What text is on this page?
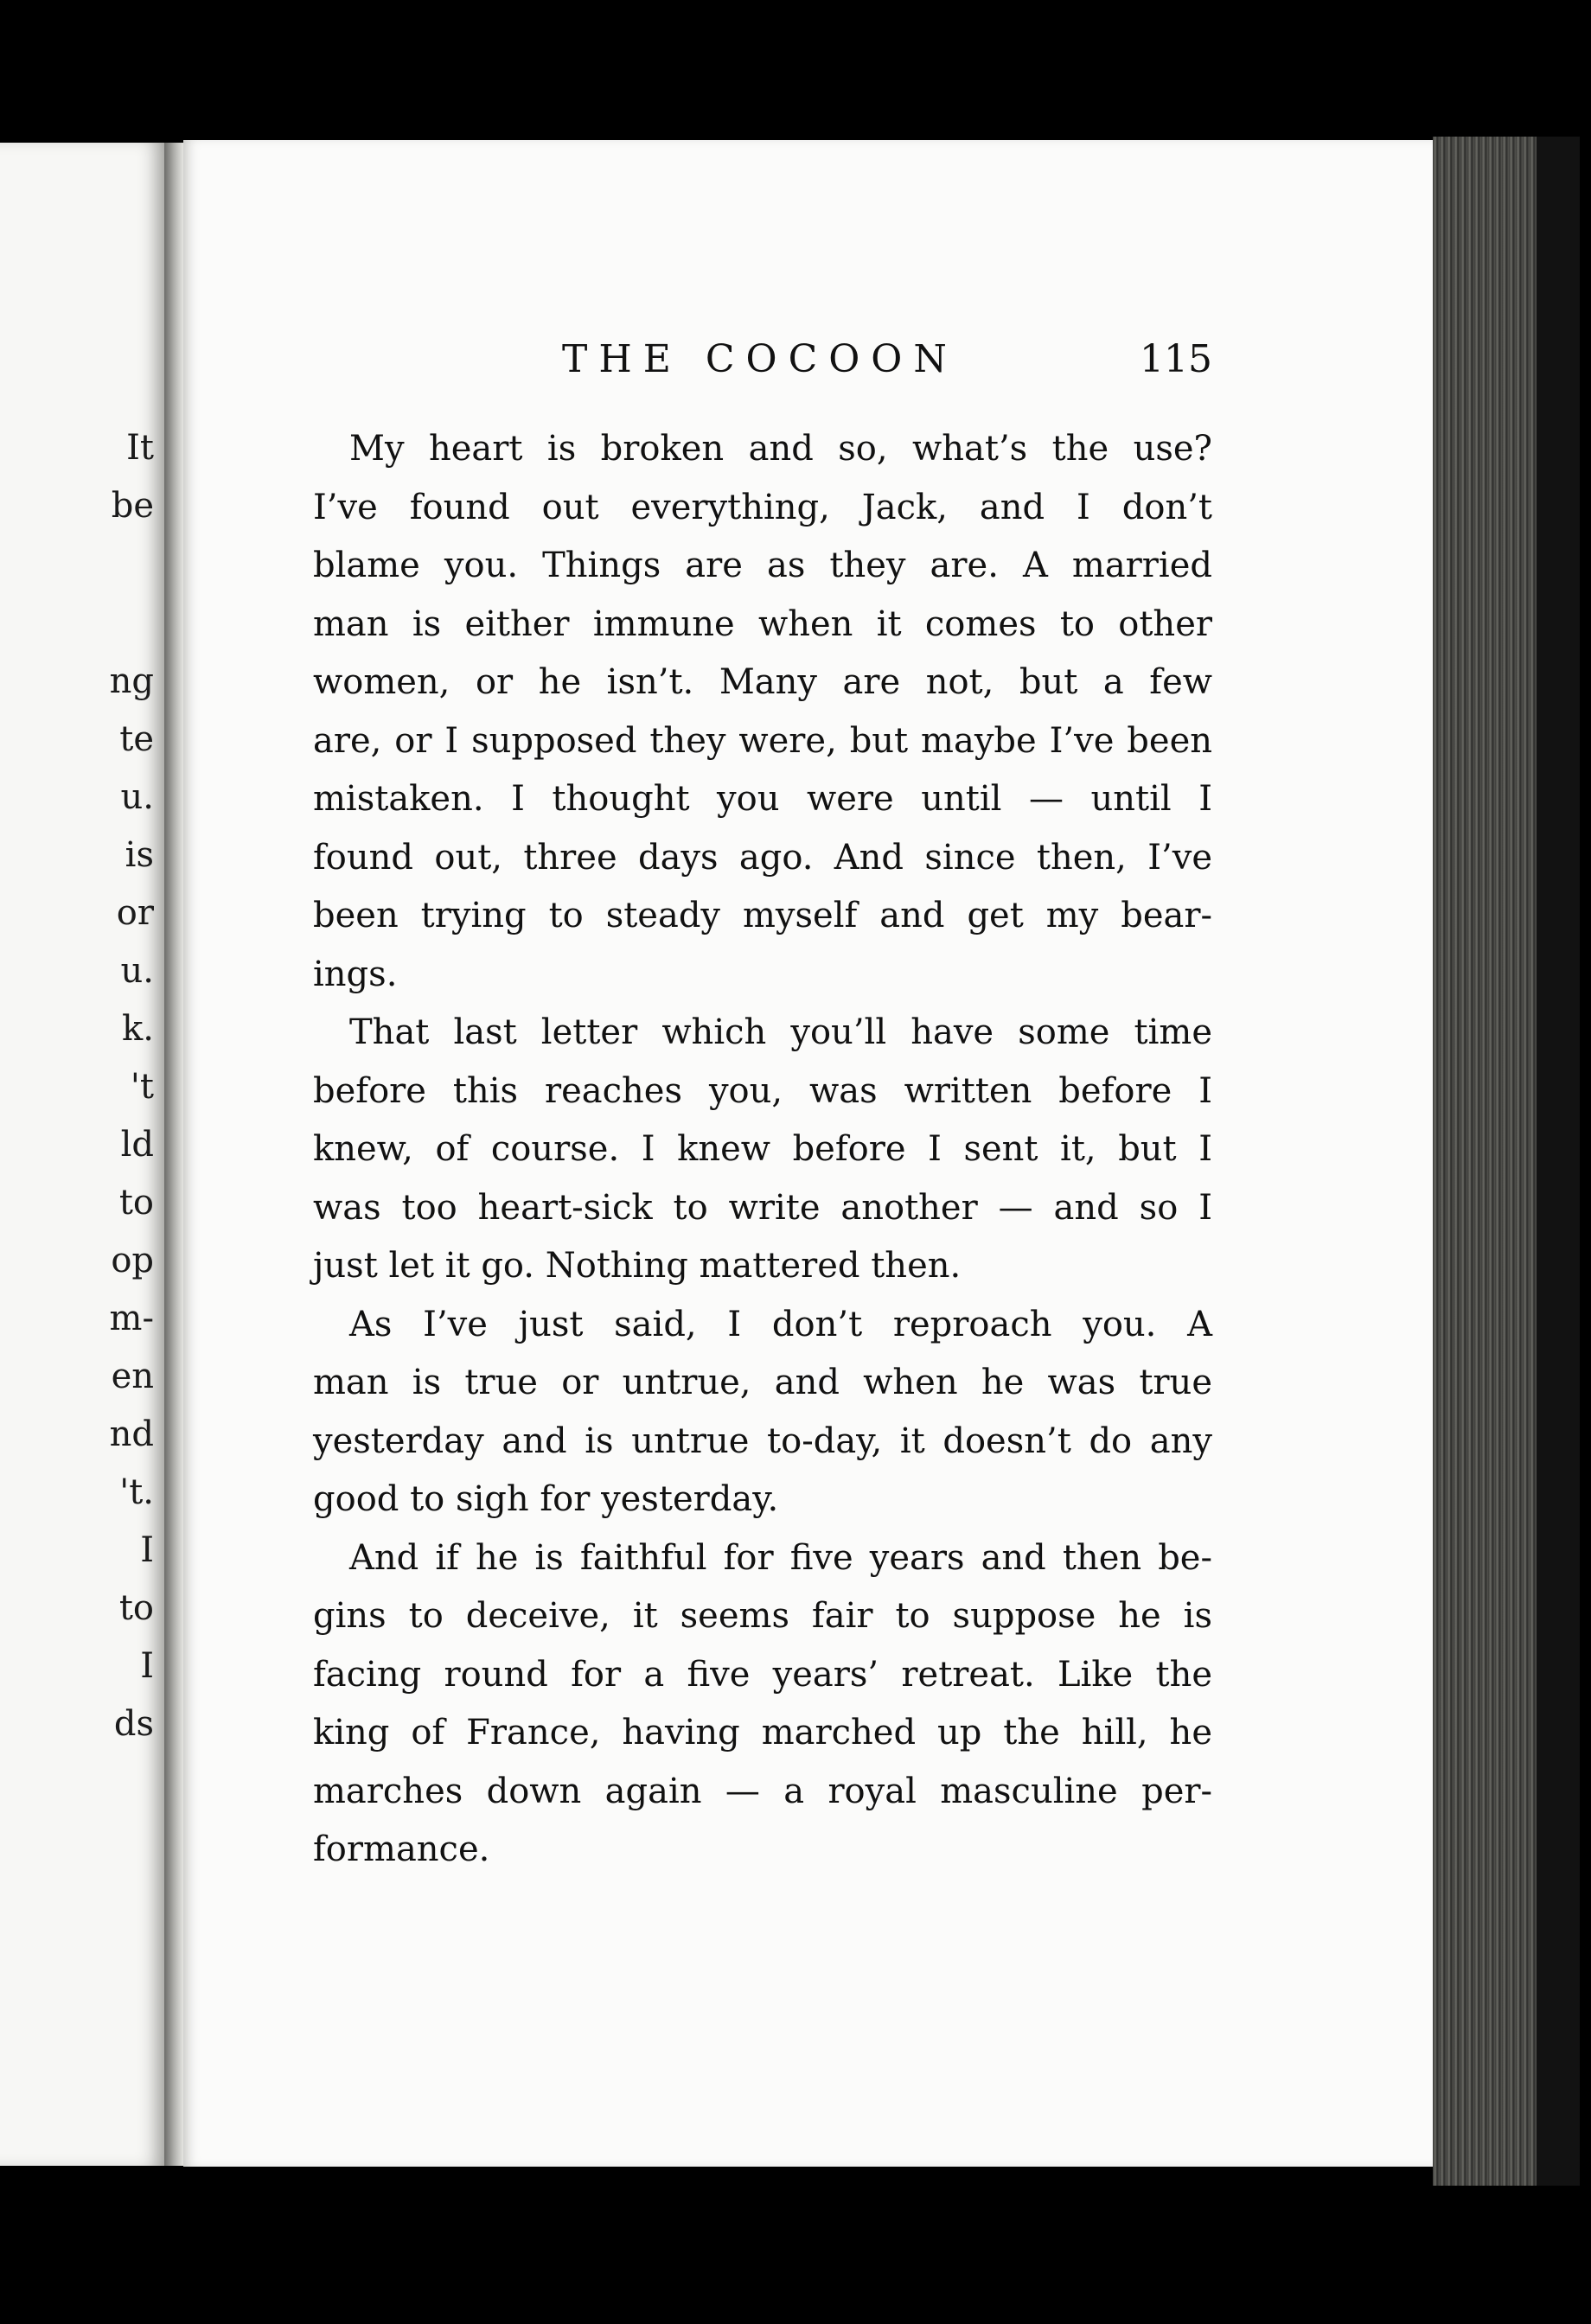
It
be
ng
te
u.
is
or
u.
k.
't
ld
to
op
m-
en
nd
't.
I
to
I
ds
THE COCOON	115
My heart is broken and so, what’s the use?
I’ve found out everything, Jack, and I don’t
blame you. Things are as they are. A married
man is either immune when it comes to other
women, or he isn’t. Many are not, but a few
are, or I supposed they were, but maybe I’ve been
mistaken. I thought you were until — until I
found out, three days ago. And since then, I’ve
been trying to steady myself and get my bear-
ings.
That last letter which you’ll have some time
before this reaches you, was written before I
knew, of course. I knew before I sent it, but I
was too heart-sick to write another — and so I
just let it go. Nothing mattered then.
As I’ve just said, I don’t reproach you. A
man is true or untrue, and when he was true
yesterday and is untrue to-day, it doesn’t do any
good to sigh for yesterday.
And if he is faithful for five years and then be-
gins to deceive, it seems fair to suppose he is
facing round for a five years’ retreat. Like the
king of France, having marched up the hill, he
marches down again — a royal masculine per-
formance.
